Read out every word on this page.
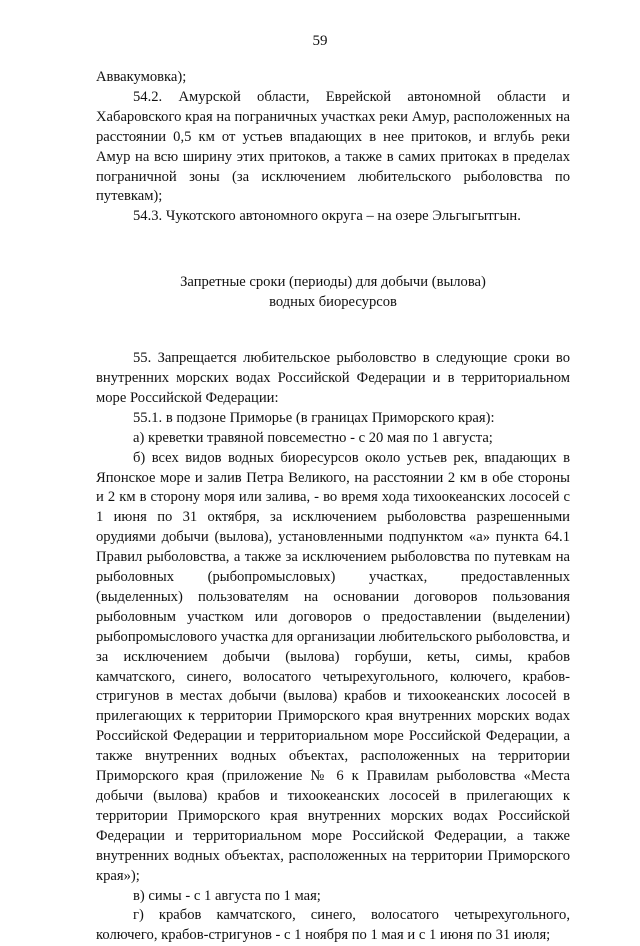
59

Аввакумовка);

54.2. Амурской области, Еврейской автономной области и Хабаровского края на пограничных участках реки Амур, расположенных на расстоянии 0,5 км от устьев впадающих в нее притоков, и вглубь реки Амур на всю ширину этих притоков, а также в самих притоках в пределах пограничной зоны (за исключением любительского рыболовства по путевкам);

54.3. Чукотского автономного округа – на озере Эльгыгытгын.

Запретные сроки (периоды) для добычи (вылова)
водных биоресурсов

55. Запрещается любительское рыболовство в следующие сроки во внутренних морских водах Российской Федерации и в территориальном море Российской Федерации:

55.1. в подзоне Приморье (в границах Приморского края):

а) креветки травяной повсеместно - с 20 мая по 1 августа;

б) всех видов водных биоресурсов около устьев рек, впадающих в Японское море и залив Петра Великого, на расстоянии 2 км в обе стороны и 2 км в сторону моря или залива, - во время хода тихоокеанских лососей с 1 июня по 31 октября, за исключением рыболовства разрешенными орудиями добычи (вылова), установленными подпунктом «а» пункта 64.1 Правил рыболовства, а также за исключением рыболовства по путевкам на рыболовных (рыбопромысловых) участках, предоставленных (выделенных) пользователям на основании договоров пользования рыболовным участком или договоров о предоставлении (выделении) рыбопромыслового участка для организации любительского рыболовства, и за исключением добычи (вылова) горбуши, кеты, симы, крабов камчатского, синего, волосатого четырехугольного, колючего, крабов-стригунов в местах добычи (вылова) крабов и тихоокеанских лососей в прилегающих к территории Приморского края внутренних морских водах Российской Федерации и территориальном море Российской Федерации, а также внутренних водных объектах, расположенных на территории Приморского края (приложение № 6 к Правилам рыболовства «Места добычи (вылова) крабов и тихоокеанских лососей в прилегающих к территории Приморского края внутренних морских водах Российской Федерации и территориальном море Российской Федерации, а также внутренних водных объектах, расположенных на территории Приморского края»);

в) симы - с 1 августа по 1 мая;

г) крабов камчатского, синего, волосатого четырехугольного, колючего, крабов-стригунов - с 1 ноября по 1 мая и с 1 июня по 31 июля;
